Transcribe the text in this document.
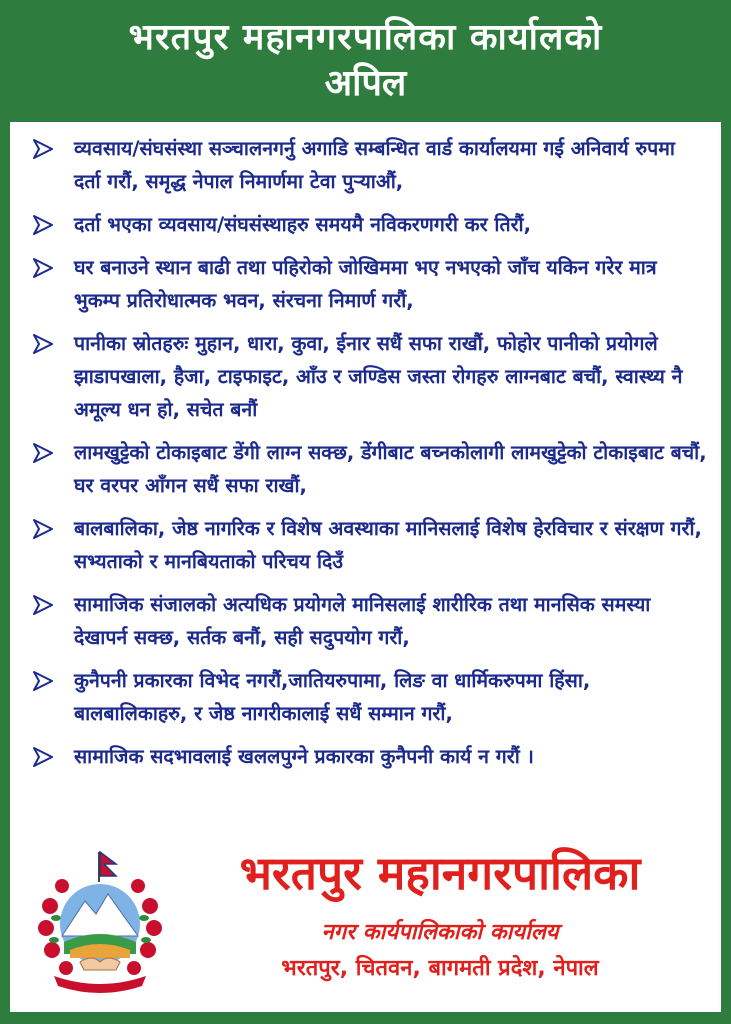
भरतपुर महानगरपालिका कार्यालको
अपिल
व्यवसाय/संघसंस्था सञ्चालनगर्नु अगाडि सम्बन्धित वार्ड कार्यालयमा गई अनिवार्य रुपमा दर्ता गरौं, समृद्ध नेपाल निमार्णमा टेवा पुऱ्याऔं,
दर्ता भएका व्यवसाय/संघसंस्थाहरु समयमै नविकरणगरी कर तिरौं,
घर बनाउने स्थान बाढी तथा पहिरोको जोखिममा भए नभएको जाँच यकिन गरेर मात्र भुकम्प प्रतिरोधात्मक भवन, संरचना निमार्ण गरौं,
पानीका स्रोतहरुः मुहान, धारा, कुवा, ईनार सधैं सफा राखौं, फोहोर पानीको प्रयोगले झाडापखाला, हैजा, टाइफाइट, आँउ र जण्डिस जस्ता रोगहरु लाग्नबाट बचौं, स्वास्थ्य नै अमूल्य धन हो, सचेत बनौं
लामखुट्टेको टोकाइबाट डेंगी लाग्न सक्छ, डेंगीबाट बच्नकोलागी लामखुट्टेको टोकाइबाट बचौं, घर वरपर आँगन सधैं सफा राखौं,
बालबालिका, जेष्ठ नागरिक र विशेष अवस्थाका मानिसलाई विशेष हेरविचार र संरक्षण गरौं, सभ्यताको र मानबियताको परिचय दिउँ
सामाजिक संजालको अत्यधिक प्रयोगले मानिसलाई शारीरिक तथा मानसिक समस्या देखापर्न सक्छ, सर्तक बनौं, सही सदुपयोग गरौं,
कुनैपनी प्रकारका विभेद नगरौं,जातियरुपामा, लिङ वा धार्मिकरुपमा हिंसा, बालबालिकाहरु, र जेष्ठ नागरीकालाई सधैं सम्मान गरौं,
सामाजिक सदभावलाई खललपुग्ने प्रकारका कुनैपनी कार्य न गरौं ।
भरतपुर महानगरपालिका
नगर कार्यपालिकाको कार्यालय
भरतपुर, चितवन, बागमती प्रदेश, नेपाल
